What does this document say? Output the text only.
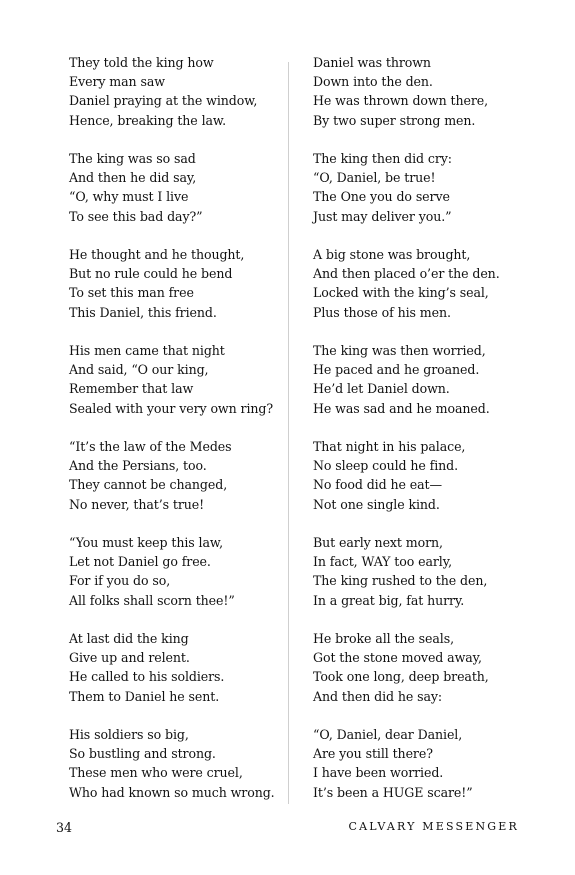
They told the king how
Every man saw
Daniel praying at the window,
Hence, breaking the law.
The king was so sad
And then he did say,
“O, why must I live
To see this bad day?”
He thought and he thought,
But no rule could he bend
To set this man free
This Daniel, this friend.
His men came that night
And said, “O our king,
Remember that law
Sealed with your very own ring?
“It’s the law of the Medes
And the Persians, too.
They cannot be changed,
No never, that’s true!
“You must keep this law,
Let not Daniel go free.
For if you do so,
All folks shall scorn thee!”
At last did the king
Give up and relent.
He called to his soldiers.
Them to Daniel he sent.
His soldiers so big,
So bustling and strong.
These men who were cruel,
Who had known so much wrong.
Daniel was thrown
Down into the den.
He was thrown down there,
By two super strong men.
The king then did cry:
“O, Daniel, be true!
The One you do serve
Just may deliver you.”
A big stone was brought,
And then placed o’er the den.
Locked with the king’s seal,
Plus those of his men.
The king was then worried,
He paced and he groaned.
He’d let Daniel down.
He was sad and he moaned.
That night in his palace,
No sleep could he find.
No food did he eat—
Not one single kind.
But early next morn,
In fact, WAY too early,
The king rushed to the den,
In a great big, fat hurry.
He broke all the seals,
Got the stone moved away,
Took one long, deep breath,
And then did he say:
“O, Daniel, dear Daniel,
Are you still there?
I have been worried.
It’s been a HUGE scare!”
34	CALVARY MESSENGER
